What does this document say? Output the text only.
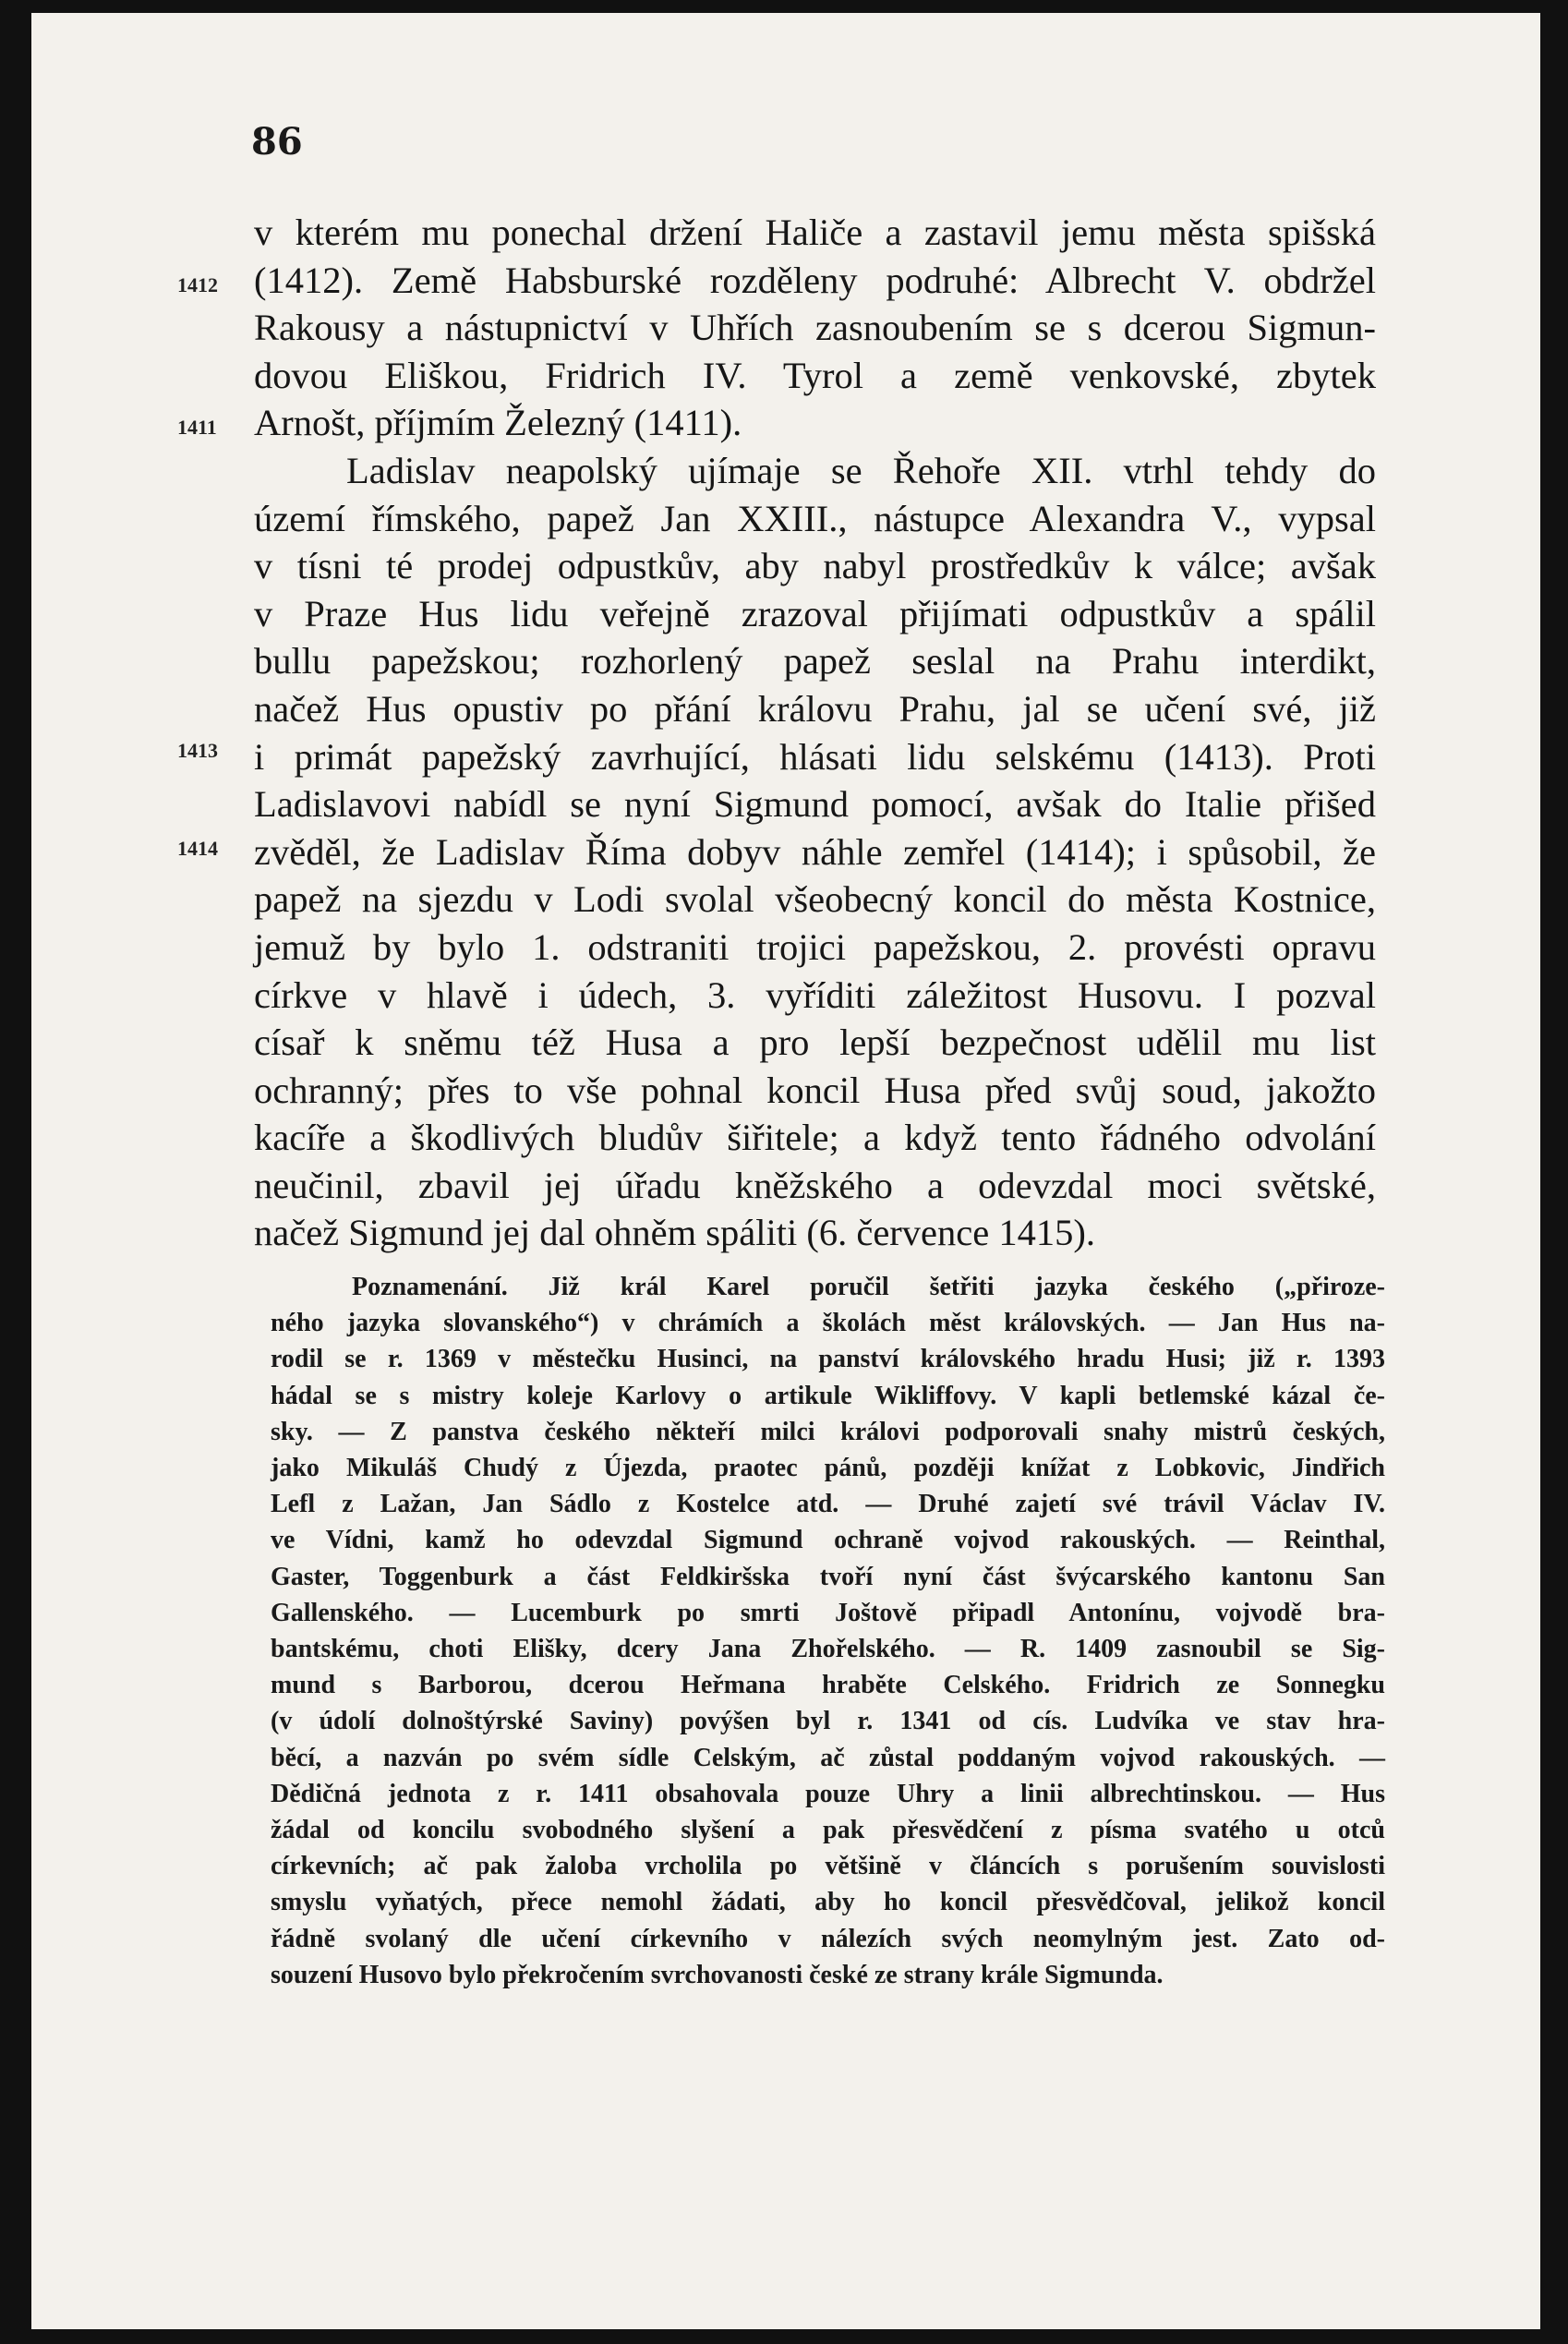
86
1412
1411
1413
1414
v kterém mu ponechal držení Haliče a zastavil jemu města spišská
(1412). Země Habsburské rozděleny podruhé: Albrecht V. obdržel
Rakousy a nástupnictví v Uhřích zasnoubením se s dcerou Sigmun-
dovou Eliškou, Fridrich IV. Tyrol a země venkovské, zbytek
Arnošt, příjmím Železný (1411).
Ladislav neapolský ujímaje se Řehoře XII. vtrhl tehdy do
území římského, papež Jan XXIII., nástupce Alexandra V., vypsal
v tísni té prodej odpustkův, aby nabyl prostředkův k válce; avšak
v Praze Hus lidu veřejně zrazoval přijímati odpustkův a spálil
bullu papežskou; rozhorlený papež seslal na Prahu interdikt,
načež Hus opustiv po přání královu Prahu, jal se učení své, již
i primát papežský zavrhující, hlásati lidu selskému (1413). Proti
Ladislavovi nabídl se nyní Sigmund pomocí, avšak do Italie přišed
zvěděl, že Ladislav Říma dobyv náhle zemřel (1414); i spůsobil, že
papež na sjezdu v Lodi svolal všeobecný koncil do města Kostnice,
jemuž by bylo 1. odstraniti trojici papežskou, 2. provésti opravu
církve v hlavě i údech, 3. vyříditi záležitost Husovu. I pozval
císař k sněmu též Husa a pro lepší bezpečnost udělil mu list
ochranný; přes to vše pohnal koncil Husa před svůj soud, jakožto
kacíře a škodlivých bludův šiřitele; a když tento řádného odvolání
neučinil, zbavil jej úřadu kněžského a odevzdal moci světské,
načež Sigmund jej dal ohněm spáliti (6. července 1415).
Poznamenání. Již král Karel poručil šetřiti jazyka českého („přiroze-
ného jazyka slovanského“) v chrámích a školách měst královských. — Jan Hus na-
rodil se r. 1369 v městečku Husinci, na panství královského hradu Husi; již r. 1393
hádal se s mistry koleje Karlovy o artikule Wikliffovy. V kapli betlemské kázal če-
sky. — Z panstva českého někteří milci královi podporovali snahy mistrů českých,
jako Mikuláš Chudý z Újezda, praotec pánů, později knížat z Lobkovic, Jindřich
Lefl z Lažan, Jan Sádlo z Kostelce atd. — Druhé zajetí své trávil Václav IV.
ve Vídni, kamž ho odevzdal Sigmund ochraně vojvod rakouských. — Reinthal,
Gaster, Toggenburk a část Feldkiršska tvoří nyní část švýcarského kantonu San
Gallenského. — Lucemburk po smrti Joštově připadl Antonínu, vojvodě bra-
bantskému, choti Elišky, dcery Jana Zhořelského. — R. 1409 zasnoubil se Sig-
mund s Barborou, dcerou Heřmana hraběte Celského. Fridrich ze Sonnegku
(v údolí dolnoštýrské Saviny) povýšen byl r. 1341 od cís. Ludvíka ve stav hra-
běcí, a nazván po svém sídle Celským, ač zůstal poddaným vojvod rakouských. —
Dědičná jednota z r. 1411 obsahovala pouze Uhry a linii albrechtinskou. — Hus
žádal od koncilu svobodného slyšení a pak přesvědčení z písma svatého u otců
církevních; ač pak žaloba vrcholila po většině v článcích s porušením souvislosti
smyslu vyňatých, přece nemohl žádati, aby ho koncil přesvědčoval, jelikož koncil
řádně svolaný dle učení církevního v nálezích svých neomylným jest. Zato od-
souzení Husovo bylo překročením svrchovanosti české ze strany krále Sigmunda.
